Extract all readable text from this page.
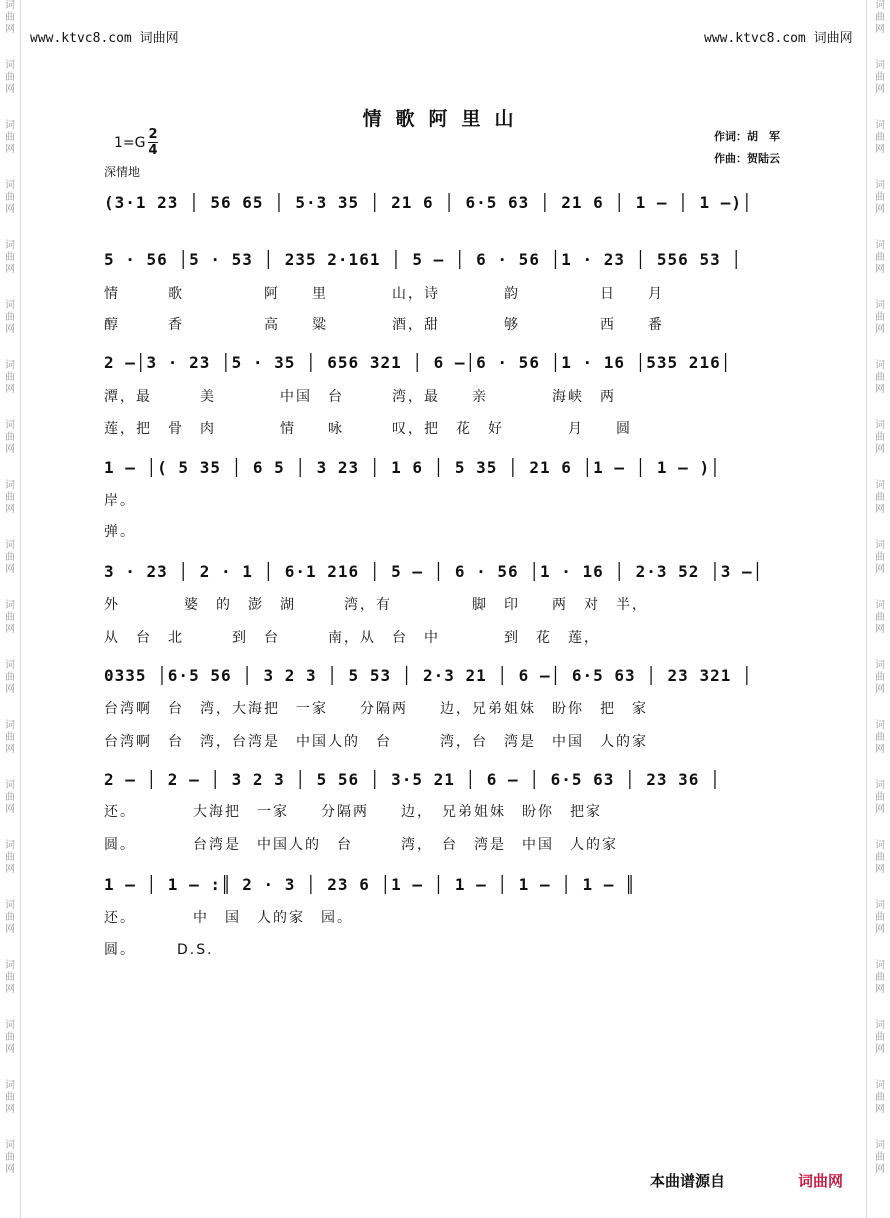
词
曲
网
词
曲
网
词
曲
网
词
曲
网
词
曲
网
词
曲
网
词
曲
网
词
曲
网
词
曲
网
词
曲
网
词
曲
网
词
曲
网
词
曲
网
词
曲
网
词
曲
网
词
曲
网
词
曲
网
词
曲
网
词
曲
网
词
曲
网
词
曲
网
词
曲
网
词
曲
网
词
曲
网
词
曲
网
词
曲
网
词
曲
网
词
曲
网
词
曲
网
词
曲
网
词
曲
网
词
曲
网
词
曲
网
词
曲
网
词
曲
网
词
曲
网
词
曲
网
词
曲
网
词
曲
网
词
曲
网
www.ktvc8.com 词曲网	www.ktvc8.com 词曲网
情歌阿里山
1=G
2
4
深情地
作词：胡　军
作曲：贺陆云
(3·1 23 │ 56 65 │ 5·3 35 │ 21 6 │ 6·5 63 │ 21 6 │ 1 — │ 1 —)│
5 · 56 │5 · 53 │ 235 2·161 │ 5 — │ 6 · 56 │1 · 23 │ 556 53 │
情　　　歌　　　　　阿　　里　　　　山，诗　　　　韵　　　　　日　　月
醇　　　香　　　　　高　　粱　　　　酒，甜　　　　够　　　　　西　　番
2 —│3 · 23 │5 · 35 │ 656 321 │ 6 —│6 · 56 │1 · 16 │535 216│
潭，最　　　美　　　　中国　台　　　湾，最　　亲　　　　海峡　两
莲，把　骨　肉　　　　情　　咏　　　叹，把　花　好　　　　月　　圆
1 — │( 5 35 │ 6 5 │ 3 23 │ 1 6 │ 5 35 │ 21 6 │1 — │ 1 — )│
岸。
弹。
3 · 23 │ 2 · 1 │ 6·1 216 │ 5 — │ 6 · 56 │1 · 16 │ 2·3 52 │3 —│
外　　　　婆　的　澎　湖　　　湾，有　　　　　脚　印　　两　对　半，
从　台　北　　　到　台　　　南，从　台　中　　　　到　花　莲，
0335 │6·5 56 │ 3 2 3 │ 5 53 │ 2·3 21 │ 6 —│ 6·5 63 │ 23 321 │
台湾啊　台　湾，大海把　一家　　分隔两　　边，兄弟姐妹　盼你　把　家
台湾啊　台　湾，台湾是　中国人的　台　　　湾，台　湾是　中国　人的家
2 — │ 2 — │ 3 2 3 │ 5 56 │ 3·5 21 │ 6 — │ 6·5 63 │ 23 36 │
还。　　　　大海把　一家　　分隔两　　边，　兄弟姐妹　盼你　把家
圆。　　　　台湾是　中国人的　台　　　湾，　台　湾是　中国　人的家
1 — │ 1 — :║ 2 · 3 │ 23 6 │1 — │ 1 — │ 1 — │ 1 — ║
还。　　　　中　国　人的家　园。
圆。　　　D.S.
本曲谱源自	词曲网
